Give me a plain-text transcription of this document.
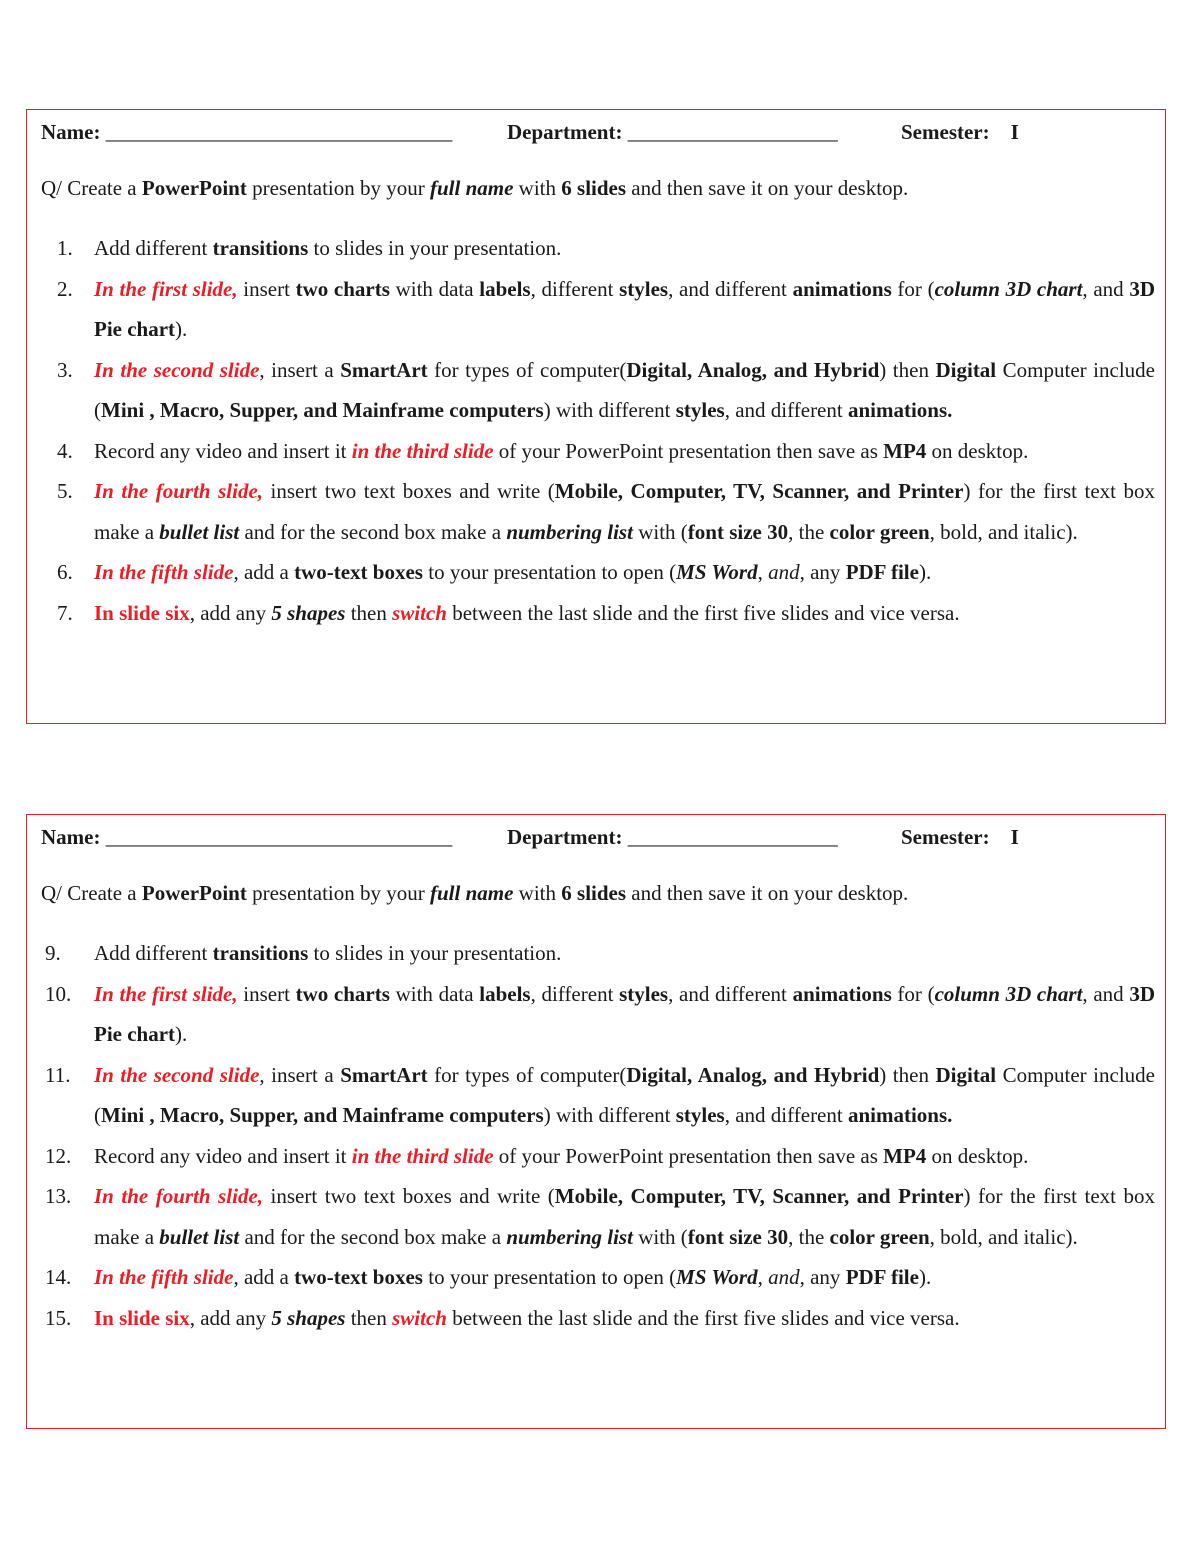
Name: _________________________________	Department: ____________________	Semester: I
Q/ Create a PowerPoint presentation by your full name with 6 slides and then save it on your desktop.
1. Add different transitions to slides in your presentation.
2. In the first slide, insert two charts with data labels, different styles, and different animations for (column 3D chart, and 3D Pie chart).
3. In the second slide, insert a SmartArt for types of computer(Digital, Analog, and Hybrid) then Digital Computer include (Mini , Macro, Supper, and Mainframe computers) with different styles, and different animations.
4. Record any video and insert it in the third slide of your PowerPoint presentation then save as MP4 on desktop.
5. In the fourth slide, insert two text boxes and write (Mobile, Computer, TV, Scanner, and Printer) for the first text box make a bullet list and for the second box make a numbering list with (font size 30, the color green, bold, and italic).
6. In the fifth slide, add a two-text boxes to your presentation to open (MS Word, and, any PDF file).
7. In slide six, add any 5 shapes then switch between the last slide and the first five slides and vice versa.
Name: _________________________________	Department: ____________________	Semester: I
Q/ Create a PowerPoint presentation by your full name with 6 slides and then save it on your desktop.
9. Add different transitions to slides in your presentation.
10. In the first slide, insert two charts with data labels, different styles, and different animations for (column 3D chart, and 3D Pie chart).
11. In the second slide, insert a SmartArt for types of computer(Digital, Analog, and Hybrid) then Digital Computer include (Mini , Macro, Supper, and Mainframe computers) with different styles, and different animations.
12. Record any video and insert it in the third slide of your PowerPoint presentation then save as MP4 on desktop.
13. In the fourth slide, insert two text boxes and write (Mobile, Computer, TV, Scanner, and Printer) for the first text box make a bullet list and for the second box make a numbering list with (font size 30, the color green, bold, and italic).
14. In the fifth slide, add a two-text boxes to your presentation to open (MS Word, and, any PDF file).
15. In slide six, add any 5 shapes then switch between the last slide and the first five slides and vice versa.
